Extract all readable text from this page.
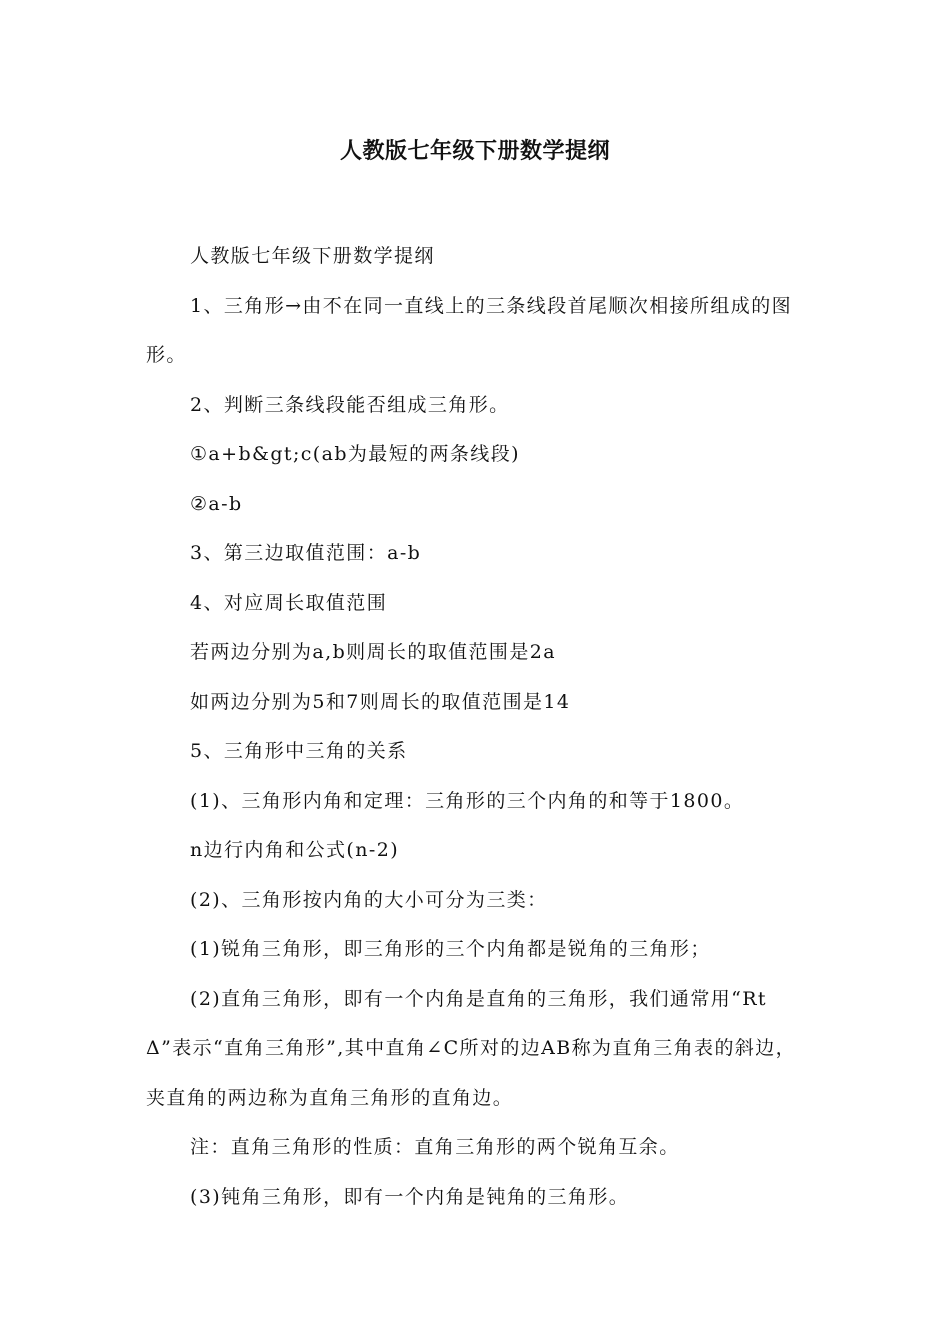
人教版七年级下册数学提纲

人教版七年级下册数学提纲

1、三角形→由不在同一直线上的三条线段首尾顺次相接所组成的图形。

2、判断三条线段能否组成三角形。

①a+b&gt;c(ab为最短的两条线段)

②a-b

3、第三边取值范围：a-b

4、对应周长取值范围

若两边分别为a,b则周长的取值范围是2a

如两边分别为5和7则周长的取值范围是14

5、三角形中三角的关系

(1)、三角形内角和定理：三角形的三个内角的和等于1800。

n边行内角和公式(n-2)

(2)、三角形按内角的大小可分为三类：

(1)锐角三角形，即三角形的三个内角都是锐角的三角形；

(2)直角三角形，即有一个内角是直角的三角形，我们通常用“RtΔ”表示“直角三角形”,其中直角∠C所对的边AB称为直角三角表的斜边，夹直角的两边称为直角三角形的直角边。

注：直角三角形的性质：直角三角形的两个锐角互余。

(3)钝角三角形，即有一个内角是钝角的三角形。
